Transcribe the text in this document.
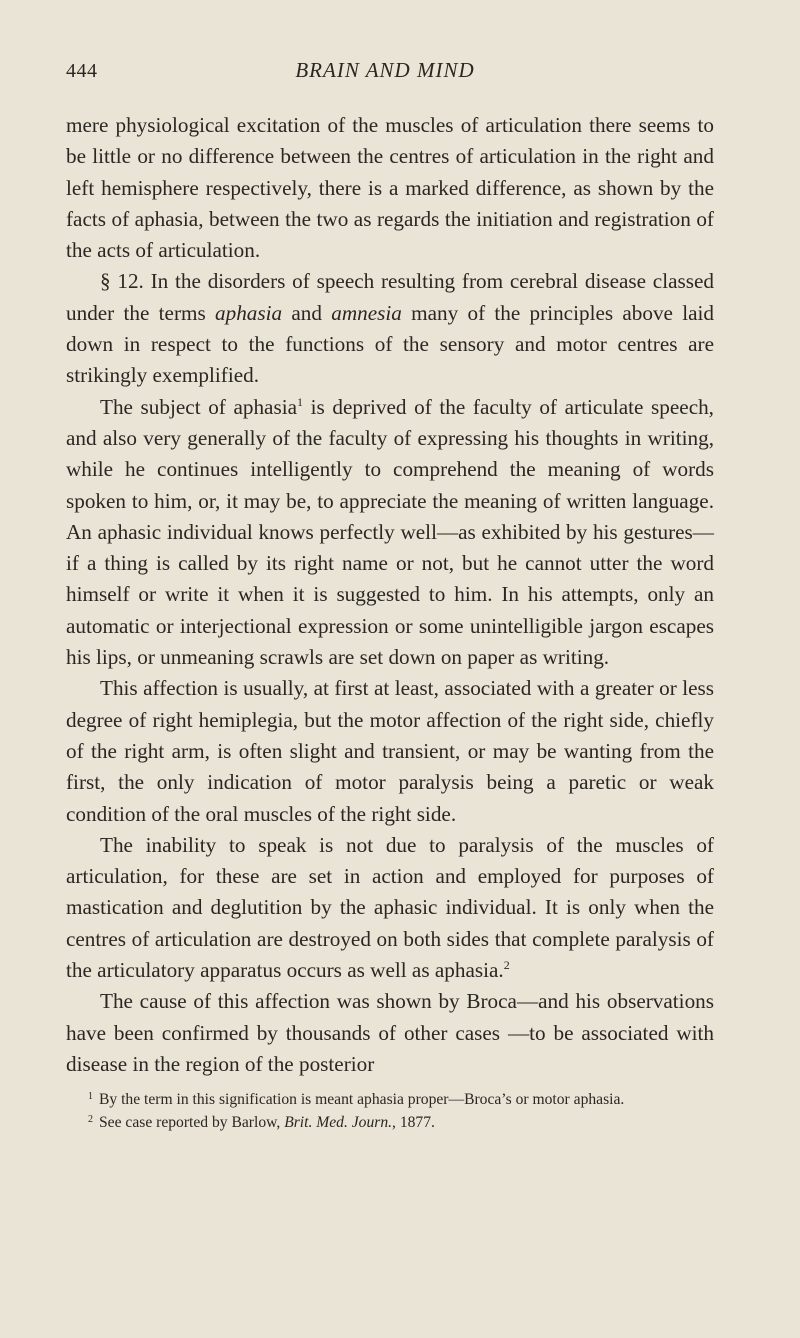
444	BRAIN AND MIND

mere physiological excitation of the muscles of articulation there seems to be little or no difference between the centres of articulation in the right and left hemisphere respectively, there is a marked difference, as shown by the facts of aphasia, between the two as regards the initiation and registration of the acts of articulation.

§ 12. In the disorders of speech resulting from cerebral disease classed under the terms aphasia and amnesia many of the principles above laid down in respect to the functions of the sensory and motor centres are strikingly exemplified.

The subject of aphasia$^1$ is deprived of the faculty of articulate speech, and also very generally of the faculty of expressing his thoughts in writing, while he continues intelligently to comprehend the meaning of words spoken to him, or, it may be, to appreciate the meaning of written language. An aphasic individual knows perfectly well—as exhibited by his gestures—if a thing is called by its right name or not, but he cannot utter the word himself or write it when it is suggested to him. In his attempts, only an automatic or interjectional expression or some unintelligible jargon escapes his lips, or unmeaning scrawls are set down on paper as writing.

This affection is usually, at first at least, associated with a greater or less degree of right hemiplegia, but the motor affection of the right side, chiefly of the right arm, is often slight and transient, or may be wanting from the first, the only indication of motor paralysis being a paretic or weak condition of the oral muscles of the right side.

The inability to speak is not due to paralysis of the muscles of articulation, for these are set in action and employed for purposes of mastication and deglutition by the aphasic individual. It is only when the centres of articulation are destroyed on both sides that complete paralysis of the articulatory apparatus occurs as well as aphasia.$^2$

The cause of this affection was shown by Broca—and his observations have been confirmed by thousands of other cases —to be associated with disease in the region of the posterior

$^1$ By the term in this signification is meant aphasia proper—Broca’s or motor aphasia.

$^2$ See case reported by Barlow, Brit. Med. Journ., 1877.
